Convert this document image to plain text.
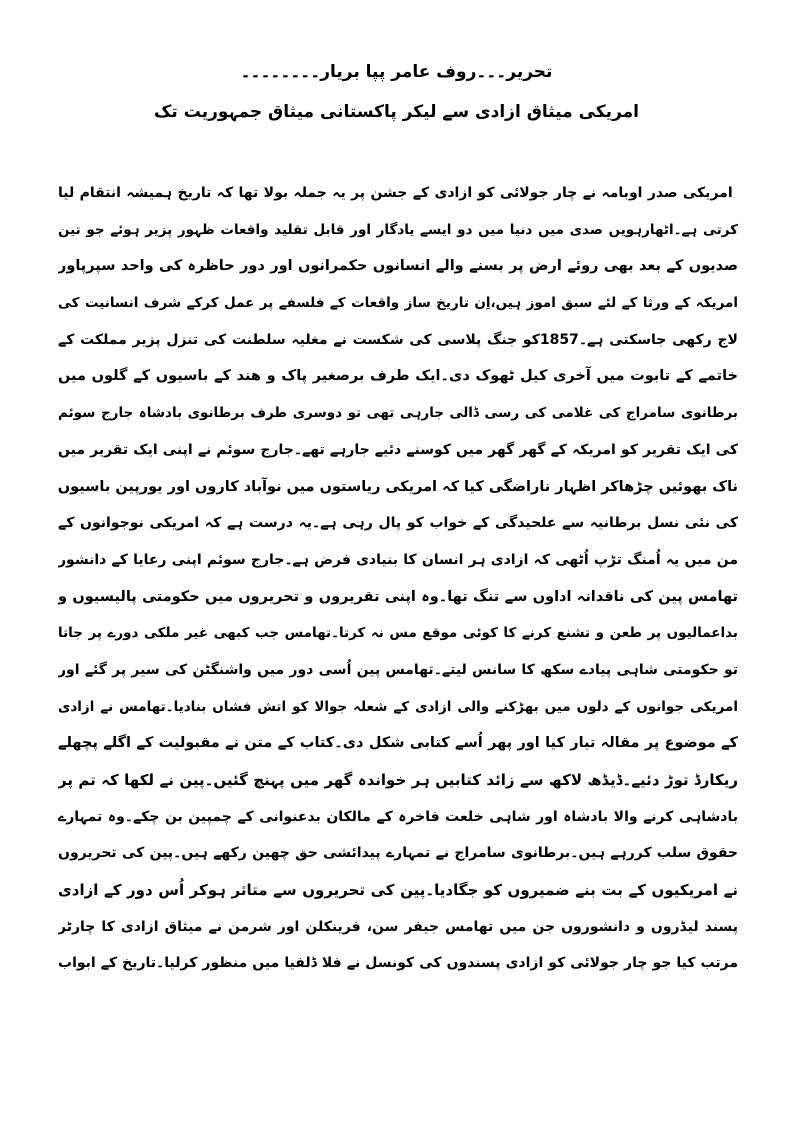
تحریر۔۔۔روف عامر پپا بریار۔۔۔۔۔۔۔۔
امریکی میثاق ازادی سے لیکر پاکستانی میثاق جمہوریت تک
ؑ امریکی صدر اوبامہ نے چار جولائی کو ازادی کے جشن پر یہ جملہ بولا تھا کہ تاریخ ہمیشہ انتقام لیا
کرتی ہے۔اٹھارہویں صدی میں دنیا میں دو ایسے یادگار اور قابل تقلید واقعات ظہور پزیر ہوئے جو تین
صدیوں کے بعد بھی روئے ارض پر بسنے والے انسانوں حکمرانوں اور دور حاظرہ کی واحد سپرپاور
امریکہ کے ورثا کے لئے سبق اموز ہیں،اِن تاریخ ساز واقعات کے فلسفے پر عمل کرکے شرف انسانیت کی
لاج رکھی جاسکتی ہے۔1857کو جنگ پلاسی کی شکست نے مغلیہ سلطنت کی تنزل پزیر مملکت کے
خاتمے کے تابوت میں آخری کیل ٹھوک دی۔ایک طرف برصغیر پاک و ھند کے باسیوں کے گلوں میں
برطانوی سامراج کی غلامی کی رسی ڈالی جارہی تھی تو دوسری طرف برطانوی بادشاہ جارج سوئم
کی ایک تقریر کو امریکہ کے گھر گھر میں کوسنے دئیے جارہے تھے۔جارج سوئم نے اپنی ایک تقریر میں
ناک بھوئیں چڑھاکر اظہار ناراضگی کیا کہ امریکی ریاستوں میں نوآباد کاروں اور یورپین باسیوں
کی نئی نسل برطانیہ سے علحیدگی کے خواب کو پال رہی ہے۔یہ درست ہے کہ امریکی نوجوانوں کے
من میں یہ اُمنگ تڑپ اُٹھی کہ ازادی ہر انسان کا بنیادی فرض ہے۔جارج سوئم اپنی رعایا کے دانشور
تھامس پین کی ناقدانہ اداوں سے تنگ تھا۔وہ اپنی تقریروں و تحریروں میں حکومتی پالیسیوں و
بداعمالیوں پر طعن و تشنع کرنے کا کوئی موقع مس نہ کرتا۔تھامس جب کبھی غیر ملکی دورے پر جاتا
تو حکومتی شاہی پیادے سکھ کا سانس لیتے۔تھامس پین اُسی دور میں واشنگٹن کی سیر پر گئے اور
امریکی جوانوں کے دلوں میں بھڑکنے والی ازادی کے شعلہ جوالا کو اتش فشاں بنادیا۔تھامس نے ازادی
کے موضوع پر مقالہ تیار کیا اور پھر اُسے کتابی شکل دی۔کتاب کے متن نے مقبولیت کے اگلے پچھلے
ریکارڈ توڑ دئیے۔ڈیڈھ لاکھ سے زائد کتابیں ہر خواندہ گھر میں پہنچ گئیں۔پین نے لکھا کہ تم پر
بادشاہی کرنے والا بادشاہ اور شاہی خلعت فاخرہ کے مالکان بدعنوانی کے چمپین بن چکے۔وہ تمہارے
حقوق سلب کررہے ہیں۔برطانوی سامراج نے تمہارے پیدائشی حق چھین رکھے ہیں۔پین کی تحریروں
نے امریکیوں کے بت بنے ضمیروں کو جگادیا۔پین کی تحریروں سے متاثر ہوکر اُس دور کے ازادی
پسند لیڈروں و دانشوروں جن میں تھامس جیفر سن، فرینکلن اور شرمن نے میثاق ازادی کا چارٹر
مرتب کیا جو چار جولائی کو ازادی پسندوں کی کونسل نے فلا ڈلفیا میں منظور کرلیا۔تاریخ کے ابواب
